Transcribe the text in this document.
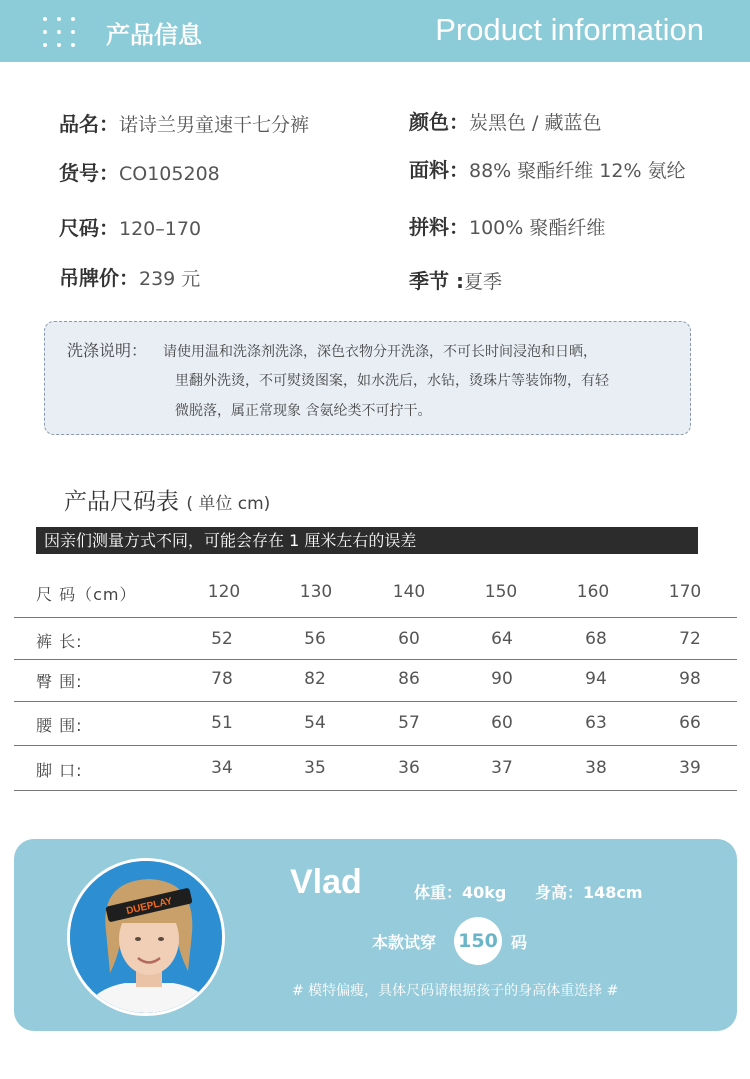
产品信息	Product information
品名：诺诗兰男童速干七分裤	颜色：炭黑色 / 藏蓝色
货号：CO105208	面料：88% 聚酯纤维 12% 氨纶
尺码：120–170	拼料：100% 聚酯纤维
吊牌价：239 元	季节 :夏季
洗涤说明： 请使用温和洗涤剂洗涤，深色衣物分开洗涤，不可长时间浸泡和日晒，
里翻外洗烫，不可熨烫图案，如水洗后，水钻，烫珠片等装饰物，有轻
微脱落，属正常现象 含氨纶类不可拧干。
产品尺码表 ( 单位 cm)
因亲们测量方式不同，可能会存在 1 厘米左右的误差
尺 码（cm）	120	130	140	150	160	170
裤 长:	52	56	60	64	68	72
臀 围:	78	82	86	90	94	98
腰 围:	51	54	57	60	63	66
脚 口:	34	35	36	37	38	39
DUEPLAY
Vlad	体重：40kg 身高：148cm
本款试穿 150 码
# 模特偏瘦，具体尺码请根据孩子的身高体重选择 #
